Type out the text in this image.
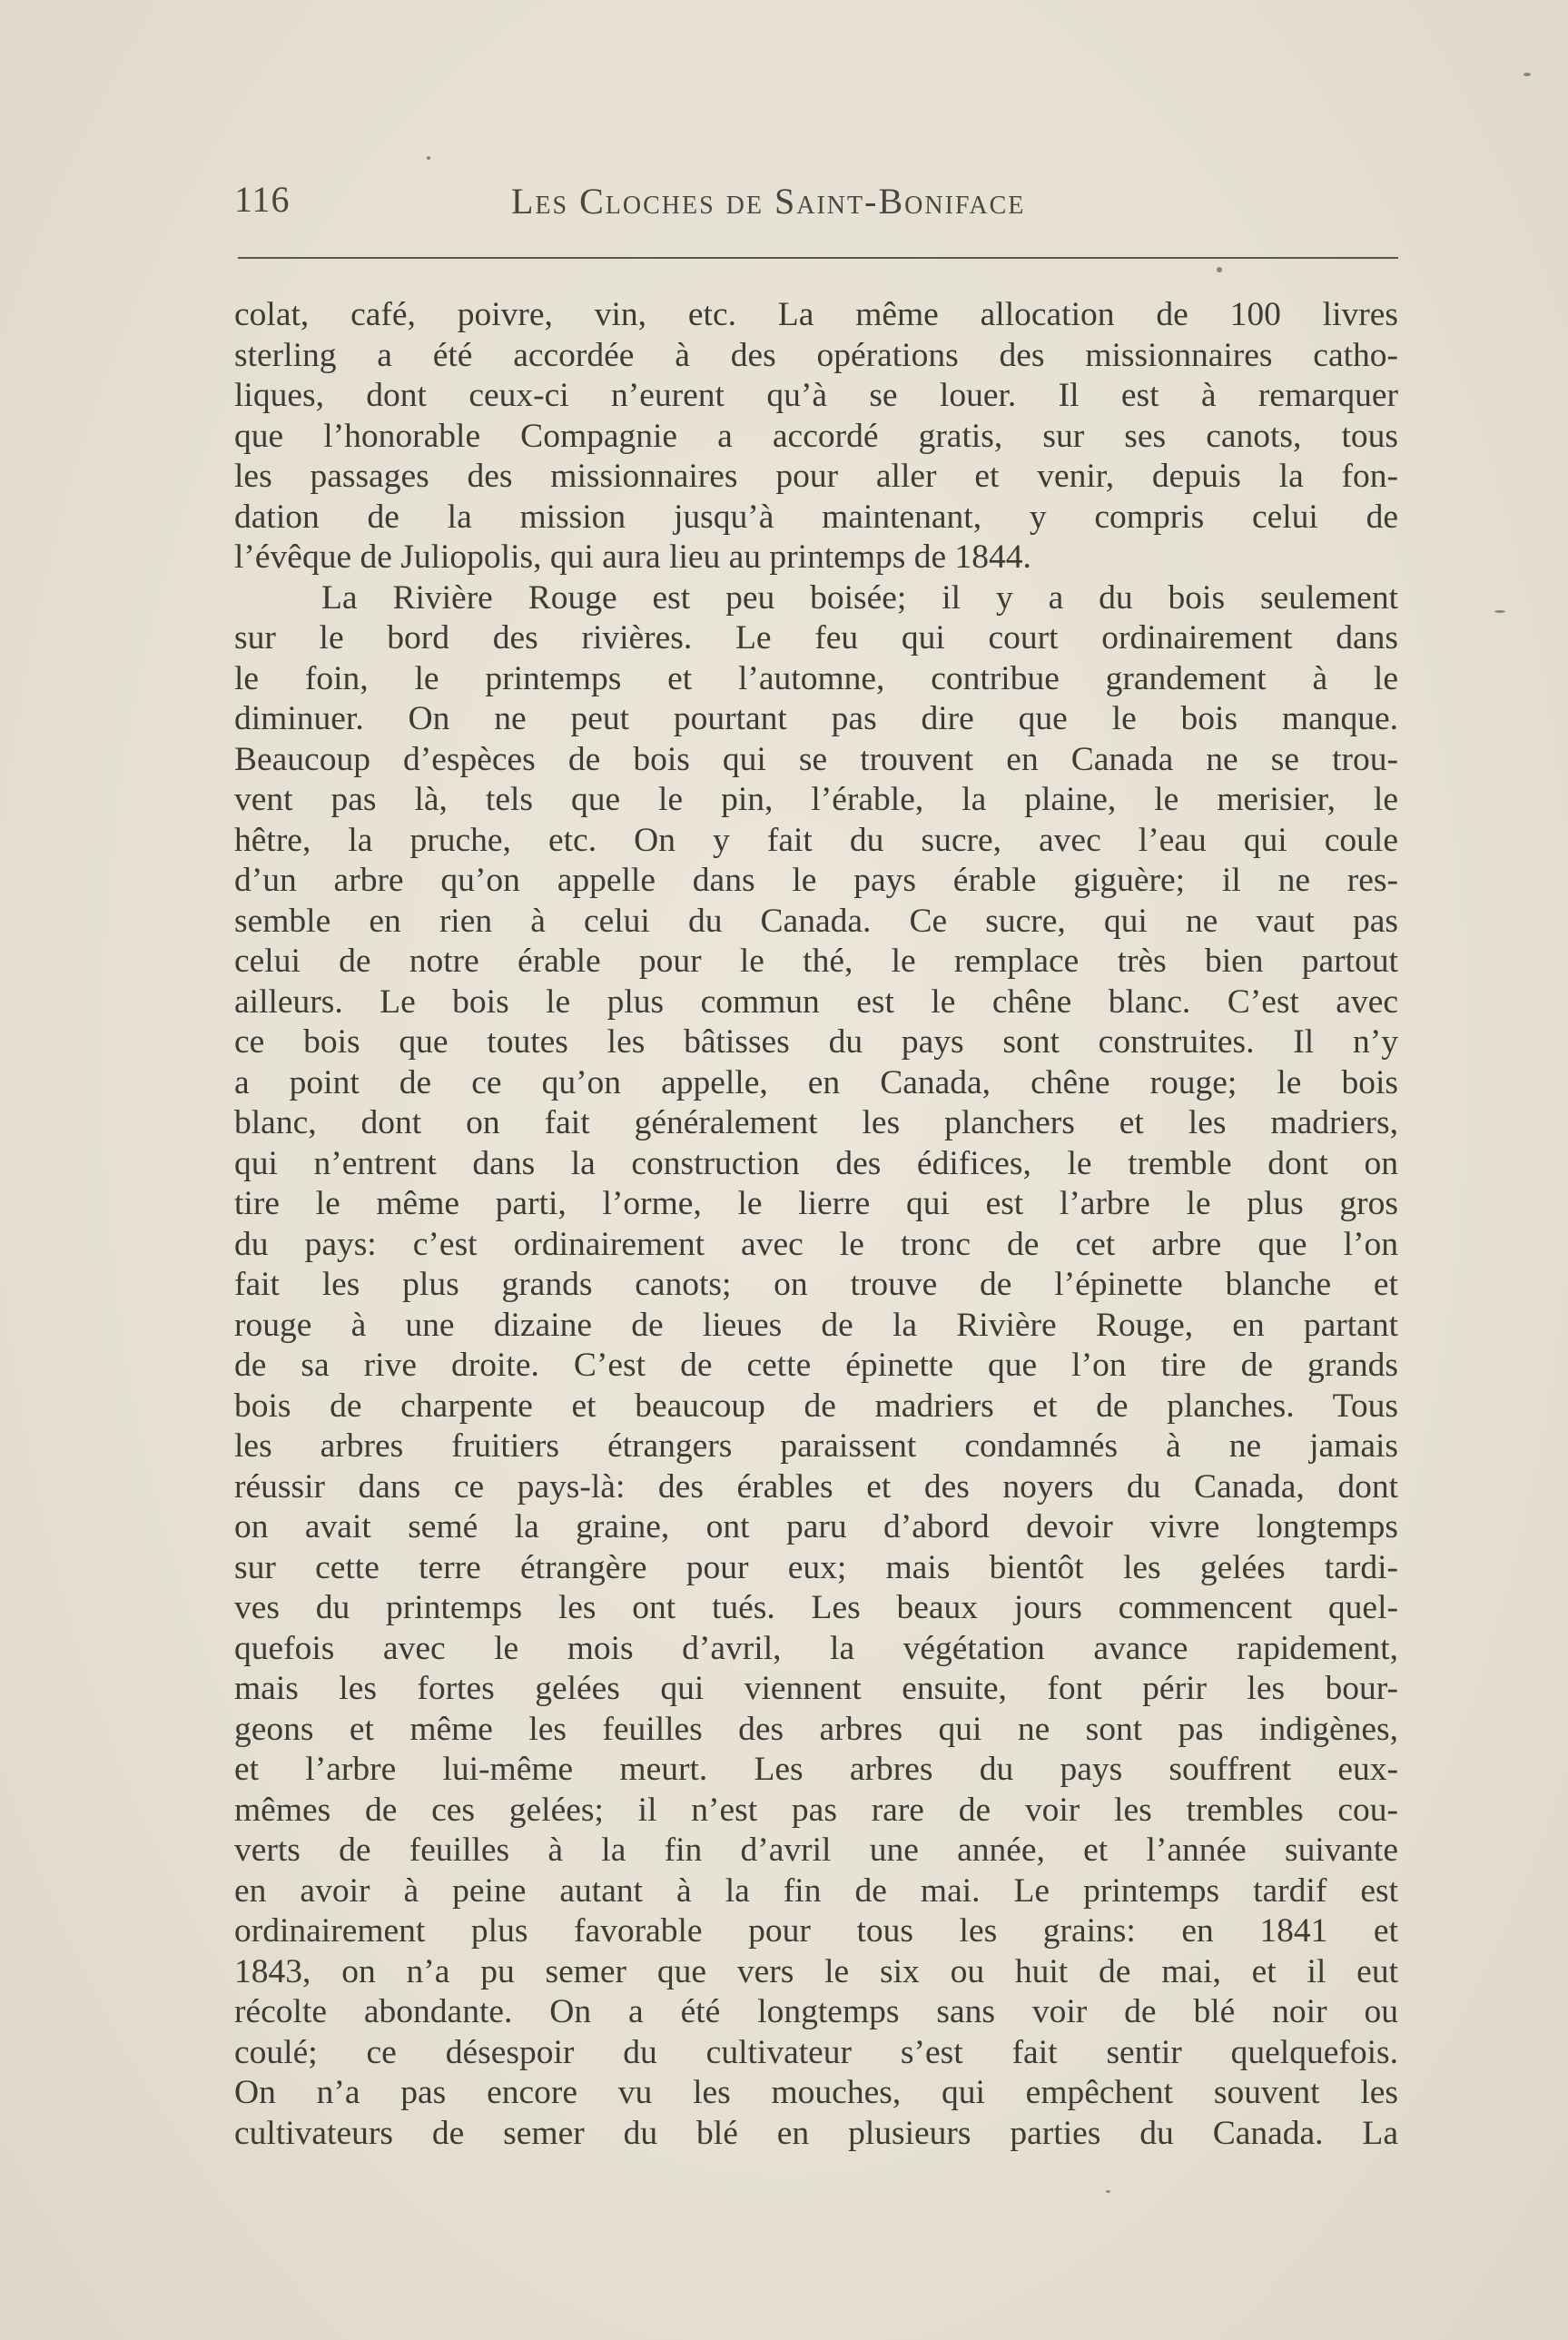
116	Les Cloches de Saint-Boniface
colat, café, poivre, vin, etc. La même allocation de 100 livres
sterling a été accordée à des opérations des missionnaires catho-
liques, dont ceux-ci n’eurent qu’à se louer. Il est à remarquer
que l’honorable Compagnie a accordé gratis, sur ses canots, tous
les passages des missionnaires pour aller et venir, depuis la fon-
dation de la mission jusqu’à maintenant, y compris celui de
l’évêque de Juliopolis, qui aura lieu au printemps de 1844.
La Rivière Rouge est peu boisée; il y a du bois seulement
sur le bord des rivières. Le feu qui court ordinairement dans
le foin, le printemps et l’automne, contribue grandement à le
diminuer. On ne peut pourtant pas dire que le bois manque.
Beaucoup d’espèces de bois qui se trouvent en Canada ne se trou-
vent pas là, tels que le pin, l’érable, la plaine, le merisier, le
hêtre, la pruche, etc. On y fait du sucre, avec l’eau qui coule
d’un arbre qu’on appelle dans le pays érable giguère; il ne res-
semble en rien à celui du Canada. Ce sucre, qui ne vaut pas
celui de notre érable pour le thé, le remplace très bien partout
ailleurs. Le bois le plus commun est le chêne blanc. C’est avec
ce bois que toutes les bâtisses du pays sont construites. Il n’y
a point de ce qu’on appelle, en Canada, chêne rouge; le bois
blanc, dont on fait généralement les planchers et les madriers,
qui n’entrent dans la construction des édifices, le tremble dont on
tire le même parti, l’orme, le lierre qui est l’arbre le plus gros
du pays: c’est ordinairement avec le tronc de cet arbre que l’on
fait les plus grands canots; on trouve de l’épinette blanche et
rouge à une dizaine de lieues de la Rivière Rouge, en partant
de sa rive droite. C’est de cette épinette que l’on tire de grands
bois de charpente et beaucoup de madriers et de planches. Tous
les arbres fruitiers étrangers paraissent condamnés à ne jamais
réussir dans ce pays-là: des érables et des noyers du Canada, dont
on avait semé la graine, ont paru d’abord devoir vivre longtemps
sur cette terre étrangère pour eux; mais bientôt les gelées tardi-
ves du printemps les ont tués. Les beaux jours commencent quel-
quefois avec le mois d’avril, la végétation avance rapidement,
mais les fortes gelées qui viennent ensuite, font périr les bour-
geons et même les feuilles des arbres qui ne sont pas indigènes,
et l’arbre lui-même meurt. Les arbres du pays souffrent eux-
mêmes de ces gelées; il n’est pas rare de voir les trembles cou-
verts de feuilles à la fin d’avril une année, et l’année suivante
en avoir à peine autant à la fin de mai. Le printemps tardif est
ordinairement plus favorable pour tous les grains: en 1841 et
1843, on n’a pu semer que vers le six ou huit de mai, et il eut
récolte abondante. On a été longtemps sans voir de blé noir ou
coulé; ce désespoir du cultivateur s’est fait sentir quelquefois.
On n’a pas encore vu les mouches, qui empêchent souvent les
cultivateurs de semer du blé en plusieurs parties du Canada. La
